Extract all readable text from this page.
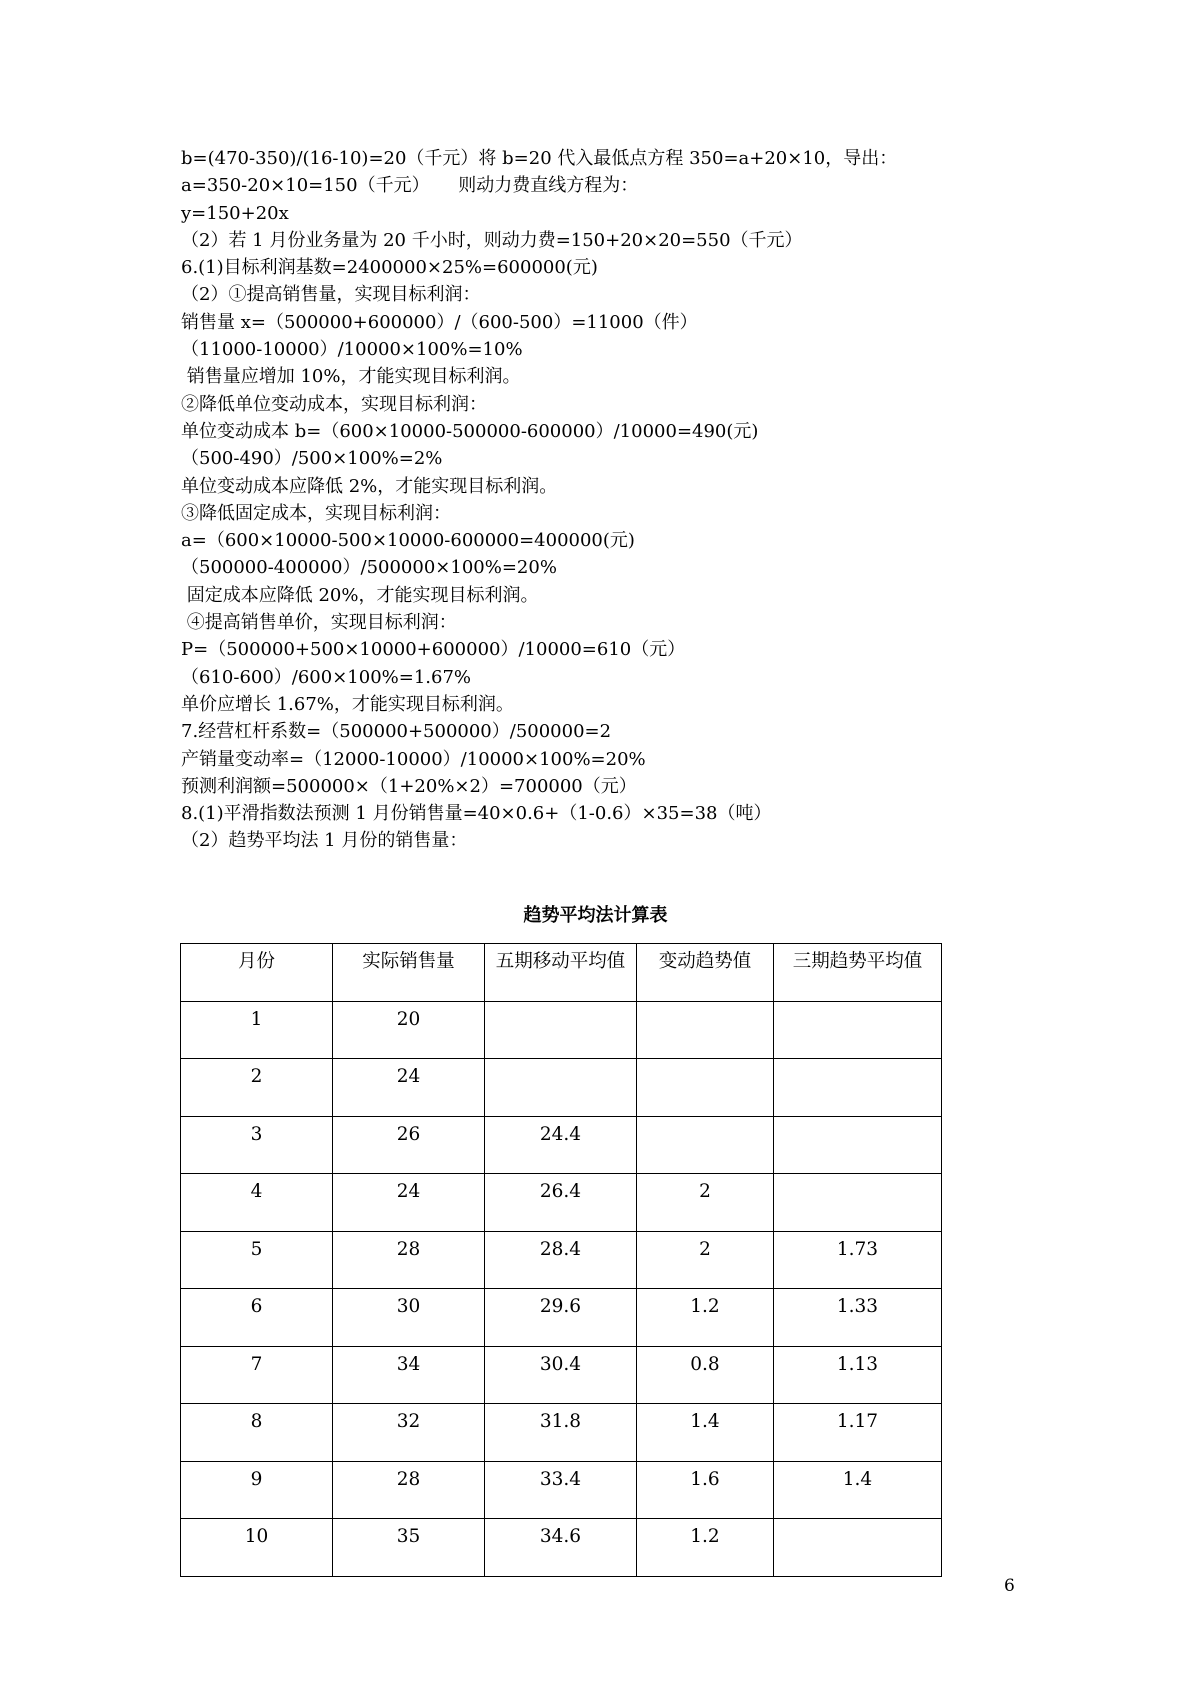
b=(470-350)/(16-10)=20（千元）将 b=20 代入最低点方程 350=a+20×10，导出：

a=350-20×10=150（千元）     则动力费直线方程为：

y=150+20x

（2）若 1 月份业务量为 20 千小时，则动力费=150+20×20=550（千元）

6.(1)目标利润基数=2400000×25%=600000(元)

（2）①提高销售量，实现目标利润：

销售量 x=（500000+600000）/（600-500）=11000（件）

（11000-10000）/10000×100%=10%

销售量应增加 10%，才能实现目标利润。

②降低单位变动成本，实现目标利润：

单位变动成本 b=（600×10000-500000-600000）/10000=490(元)

（500-490）/500×100%=2%

单位变动成本应降低 2%，才能实现目标利润。

③降低固定成本，实现目标利润：

a=（600×10000-500×10000-600000=400000(元)

（500000-400000）/500000×100%=20%

固定成本应降低 20%，才能实现目标利润。

④提高销售单价，实现目标利润：

P=（500000+500×10000+600000）/10000=610（元）

（610-600）/600×100%=1.67%

单价应增长 1.67%，才能实现目标利润。

7.经营杠杆系数=（500000+500000）/500000=2

产销量变动率=（12000-10000）/10000×100%=20%

预测利润额=500000×（1+20%×2）=700000（元）

8.(1)平滑指数法预测 1 月份销售量=40×0.6+（1-0.6）×35=38（吨）

（2）趋势平均法 1 月份的销售量：

趋势平均法计算表

月份	实际销售量	五期移动平均值	变动趋势值	三期趋势平均值
1	20			
2	24			
3	26	24.4		
4	24	26.4	2	
5	28	28.4	2	1.73
6	30	29.6	1.2	1.33
7	34	30.4	0.8	1.13
8	32	31.8	1.4	1.17
9	28	33.4	1.6	1.4
10	35	34.6	1.2	

6
